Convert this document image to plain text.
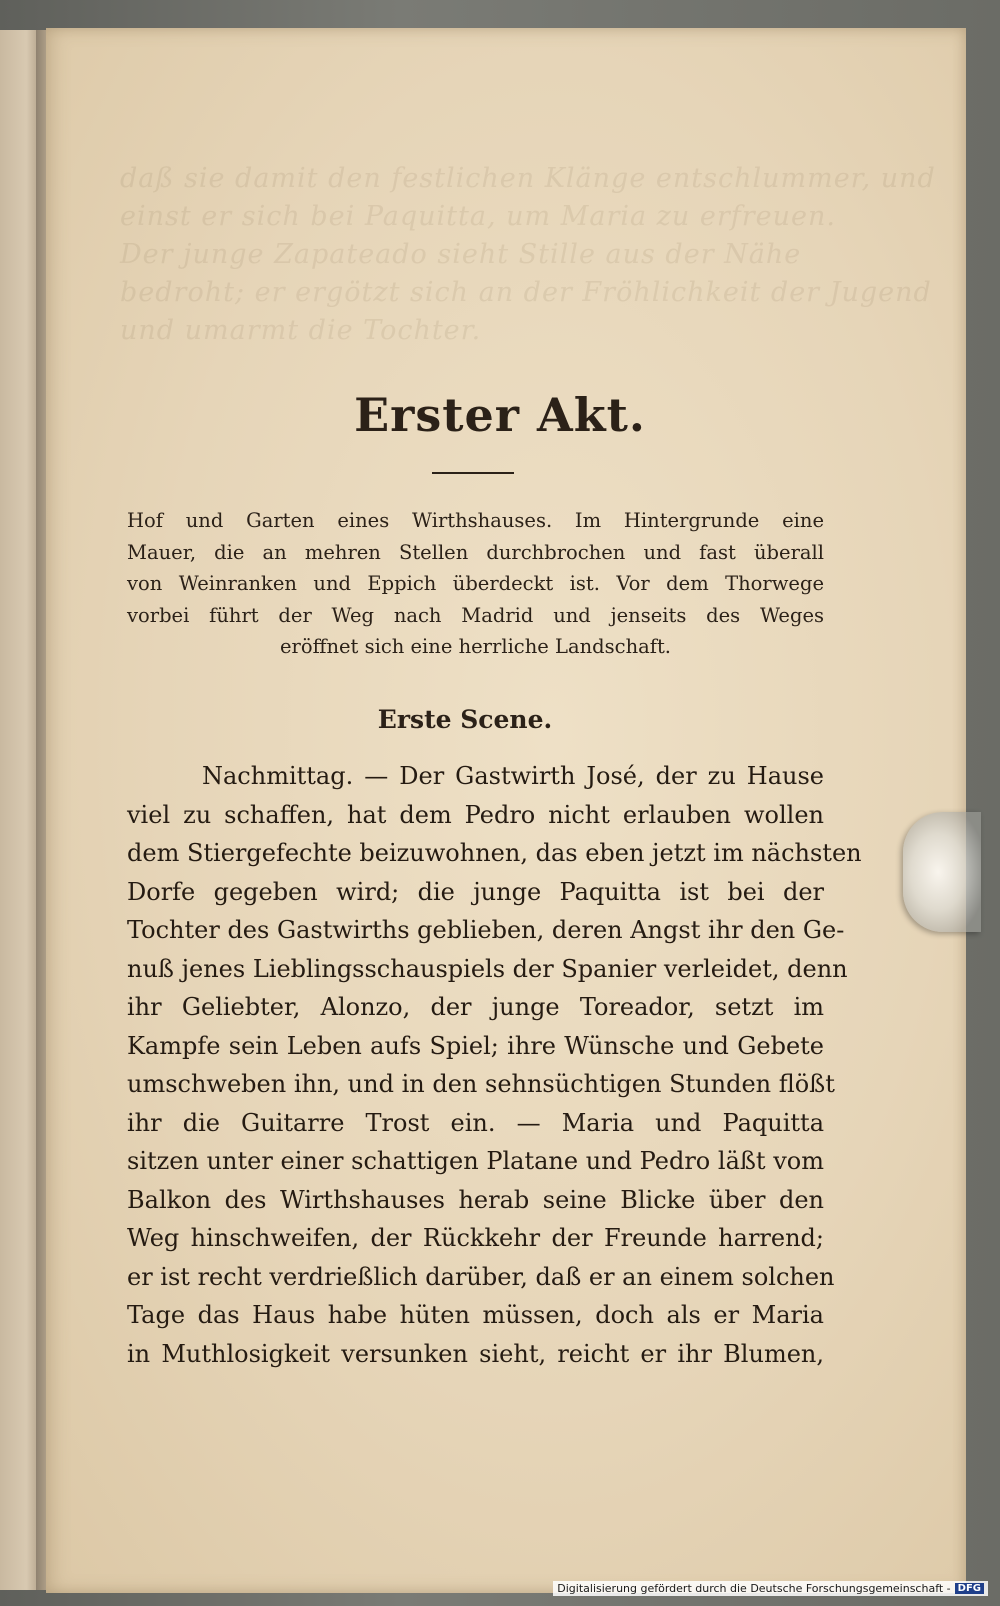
daß sie damit den festlichen Klänge entschlummer, und

einst er sich bei Paquitta, um Maria zu erfreuen.

Der junge Zapateado sieht Stille aus der Nähe

bedroht; er ergötzt sich an der Fröhlichkeit der Jugend

und umarmt die Tochter.

Erster Akt.
Hof und Garten eines Wirthshauses. Im Hintergrunde eine
Mauer, die an mehren Stellen durchbrochen und fast überall
von Weinranken und Eppich überdeckt ist. Vor dem Thorwege
vorbei führt der Weg nach Madrid und jenseits des Weges
eröffnet sich eine herrliche Landschaft.
Erste Scene.
Nachmittag. — Der Gastwirth José, der zu Hause
viel zu schaffen, hat dem Pedro nicht erlauben wollen
dem Stiergefechte beizuwohnen, das eben jetzt im nächsten
Dorfe gegeben wird; die junge Paquitta ist bei der
Tochter des Gastwirths geblieben, deren Angst ihr den Ge-
nuß jenes Lieblingsschauspiels der Spanier verleidet, denn
ihr Geliebter, Alonzo, der junge Toreador, setzt im
Kampfe sein Leben aufs Spiel; ihre Wünsche und Gebete
umschweben ihn, und in den sehnsüchtigen Stunden flößt
ihr die Guitarre Trost ein. — Maria und Paquitta
sitzen unter einer schattigen Platane und Pedro läßt vom
Balkon des Wirthshauses herab seine Blicke über den
Weg hinschweifen, der Rückkehr der Freunde harrend;
er ist recht verdrießlich darüber, daß er an einem solchen
Tage das Haus habe hüten müssen, doch als er Maria
in Muthlosigkeit versunken sieht, reicht er ihr Blumen,
Digitalisierung gefördert durch die Deutsche Forschungsgemeinschaft - DFG
